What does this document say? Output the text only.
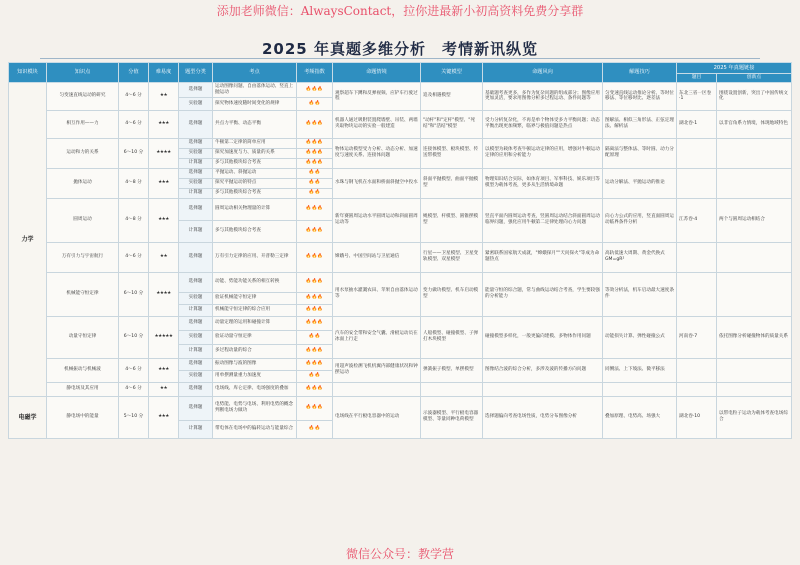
添加老师微信：AlwaysContact，拉你进最新小初高资料免费分享群
2025 年真题多维分析　考情新讯纵览
知识模块	知识点	分值	难易度	题型分类	考点	考频指数	命题情境	关键模型	命题风向	解题技巧	2025 年真题链接	
											题目	创新点
力学	匀变速直线运动的研究	4～6 分	★★	选择题	运动图像问题、自由落体运动、竖直上抛运动	🔥🔥🔥	观察超车下蹲和反弹视频、应铲车行驶过程	追及相遇模型	基础题考查更多，多作为复杂问题的组成部分；图像应用更加灵活，要求用图像分析多过程运动、条件问题等	匀变速直线运动推论分析、等时位移法、等位移时比、逐差法	东北三省一区卷·1	围绕设置创新，突出了中国传统文化
				实验题	探究物体速度随时间变化的规律	🔥🔥						
	相互作用——力	4～6 分	★★★	选择题	共点力平衡、动态平衡	🔥🔥🔥	机器人通过吸附装置爬墙壁、吊装、两墙夹取物块运动的实验一般建造	"动杆"和"定杆"模型、"死结"和"活结"模型	受力分析复杂化，不再是单个物体受多力平衡问题；动态平衡出现更加频繁，临界与极值问题是热点	图解法、相似三角形法、正弦定理法、解析法	湖北卷·1	以非官角系力情境，体现地域特色
	运动和力的关系	6～10 分	★★★★	选择题	牛顿第二定律的简单应用	🔥🔥🔥	物体运动模型受力分析、动态分析、加速度与速度关系、连接体问题	连接体模型、板块模型、传送带模型	以模型为载体考查牛顿运动定律的应用，增强对牛顿运动定律的应用和分析能力	隔离法与整体法、等时圆、动力分配原理		
				实验题	探究加速度与力、质量的关系	🔥🔥🔥						
				计算题	多与其他模块综合考查	🔥🔥🔥						
	抛体运动	4～8 分	★★★	选择题	平抛运动、斜抛运动	🔥🔥	水珠与钢飞机在水面和桥面斜抛空中投水	斜面平抛模型、曲面平抛模型	物理知识结合实际，如体育项目、军事科技、娱乐项目等模型为载体考查，更多从生活情境命题	运动分解法、平抛运动的推论		
				实验题	探究平抛运动的特点	🔥🔥						
				计算题	多与其他模块综合考查	🔥🔥						
	圆周运动	4～8 分	★★★	选择题	圆周运动相关物理量的计算	🔥🔥🔥	新年赛圆周运动水平圆周运动和斜面圆周运动等	绳模型、杆模型、圆锥摆模型	竖直平面内圆周运动考查，竖圆周运动结合斜面圆周运动临界问题，强化应用牛顿第二定律处理向心力问题	向心力公式的应用，竖直面圆周运动临界条件分析	江苏卷·4	两个与圆周运动相结合
				计算题	多与其他模块综合考查	🔥🔥🔥						
	万有引力与宇宙航行	4～6 分	★★	选择题	万有引力定律的应用、开普勒三定律	🔥🔥🔥	嫦娥号、中国空间站与卫星通信	行星——卫星模型、卫星变轨模型、双星模型	紧密联系国家航天成就，"嫦娥探月""天问探火"等成为命题热点	高轨低速大周期、黄金代换式 GM=gR²		
	机械能守恒定律	6～10 分	★★★★	选择题	动能、势能功能关系的相互转换	🔥🔥🔥	用水泵抽水灌溉农田、苹果自由落体运动等	变力做功模型、机车启动模型	能量守恒的综合题，常与曲线运动结合考查，学生要较强的分析能力	等效分析法，机车启动最大速度条件		
				实验题	验证机械能守恒定律	🔥🔥🔥						
				计算题	机械能守恒定律的综合应用	🔥🔥🔥						
	动量守恒定律	6～10 分	★★★★★	选择题	动量定理的运用和碰撞计算	🔥🔥🔥	汽车的安全带和安全气囊、滑板运动员在冰面上行走	人船模型、碰撞模型、子弹打木块模型	碰撞模型多样化，一般更偏向建模、多物体作用问题	动能损失计算、弹性碰撞公式	河南卷·7	依托图像分析碰撞物体的质量关系
				实验题	验证动量守恒定律	🔥🔥						
				计算题	多过程动量的综合	🔥🔥🔥						
	机械振动与机械波	4～6 分	★★★	选择题	振动图像与波的图像	🔥🔥🔥	用超声波检测飞机机翼内部健康状况和钟摆运动	弹簧振子模型、单摆模型	图像结合波的综合分析，多涉及波的传播方向问题	同侧法、上下坡法、微平移法		
				实验题	用单摆测量重力加速度	🔥🔥						
	静电场及其应用	4～6 分	★★	选择题	电场线、库仑定律、电场强度的叠加	🔥🔥🔥						
电磁学	静电场中的能量	5～10 分	★★★	选择题	电势能、电势与电场、利用电势的概念判断电场力做功	🔥🔥🔥	电场线在平行板电容器中的运动	示波器模型、平行板电容器模型、等量同种电荷模型	选择题偏向考查电场性质，电势分布图像分析	叠加原理、电势高、场强大	湖北卷·10	以带电粒子运动为载体考查电场综合
				计算题	带电体在电场中的偏转运动与能量综合	🔥🔥						
微信公众号：教学营
